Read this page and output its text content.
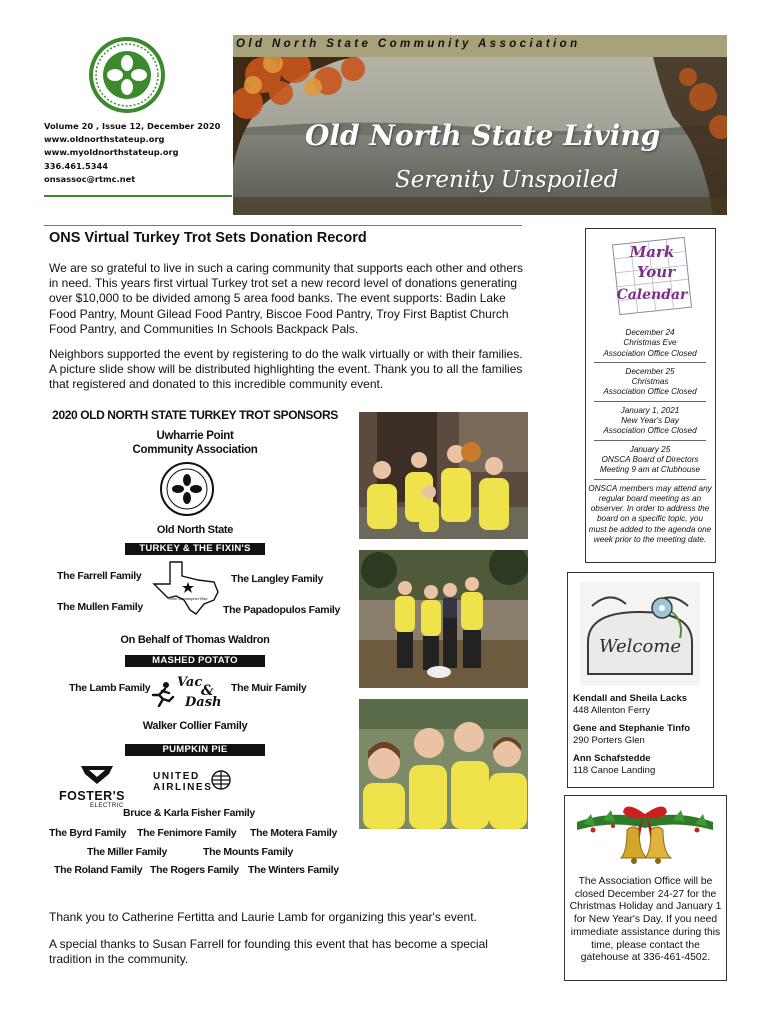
Volume 20 , Issue 12, December 2020
www.oldnorthstateup.org
www.myoldnorthstateup.org
336.461.5344
onsassoc@rtmc.net
Old North State Community Association
Old North State Living
Serenity Unspoiled
ONS Virtual Turkey Trot Sets Donation Record
We are so grateful to live in such a caring community that supports each other and others in need. This years first virtual Turkey trot set a new record level of donations generating over $10,000 to be divided among 5 area food banks. The event supports: Badin Lake Food Pantry, Mount Gilead Food Pantry, Biscoe Food Pantry, Troy First Baptist Church Food Pantry, and Communities In Schools Backpack Pals.
Neighbors supported the event by registering to do the walk virtually or with their families. A picture slide show will be distributed highlighting the event. Thank you to all the families that registered and donated to this incredible community event.
2020 OLD NORTH STATE TURKEY TROT SPONSORS
Uwharrie Point
Community Association
Old North State
TURKEY & THE FIXIN'S
The Farrell Family	The Langley Family
The Mullen Family	The Papadopulos Family
John Christopher Bird
On Behalf of Thomas Waldron
MASHED POTATO
The Lamb Family Vac
&
Dash
The Muir Family
Walker Collier Family
PUMPKIN PIE
FOSTER'S
ELECTRIC
UNITED
AIRLINES
Bruce & Karla Fisher Family
The Byrd Family The Fenimore Family The Motera Family
The Miller Family	The Mounts Family
The Roland Family The Rogers Family The Winters Family
Thank you to Catherine Fertitta and Laurie Lamb for organizing this year's event.
A special thanks to Susan Farrell for founding this event that has become a special tradition in the community.
Mark
Your
Calendar
December 24
Christmas Eve
Association Office Closed
December 25
Christmas
Association Office Closed
January 1, 2021
New Year's Day
Association Office Closed
January 25
ONSCA Board of Directors
Meeting 9 am at Clubhouse
ONSCA members may attend any regular board meeting as an observer. In order to address the board on a specific topic, you must be added to the agenda one week prior to the meeting date.
Welcome
Kendall and Sheila Lacks
448 Allenton Ferry
Gene and Stephanie Tinfo
290 Porters Glen
Ann Schafstedde
118 Canoe Landing
The Association Office will be closed December 24-27 for the Christmas Holiday and January 1 for New Year's Day. If you need immediate assistance during this time, please contact the gatehouse at 336-461-4502.
